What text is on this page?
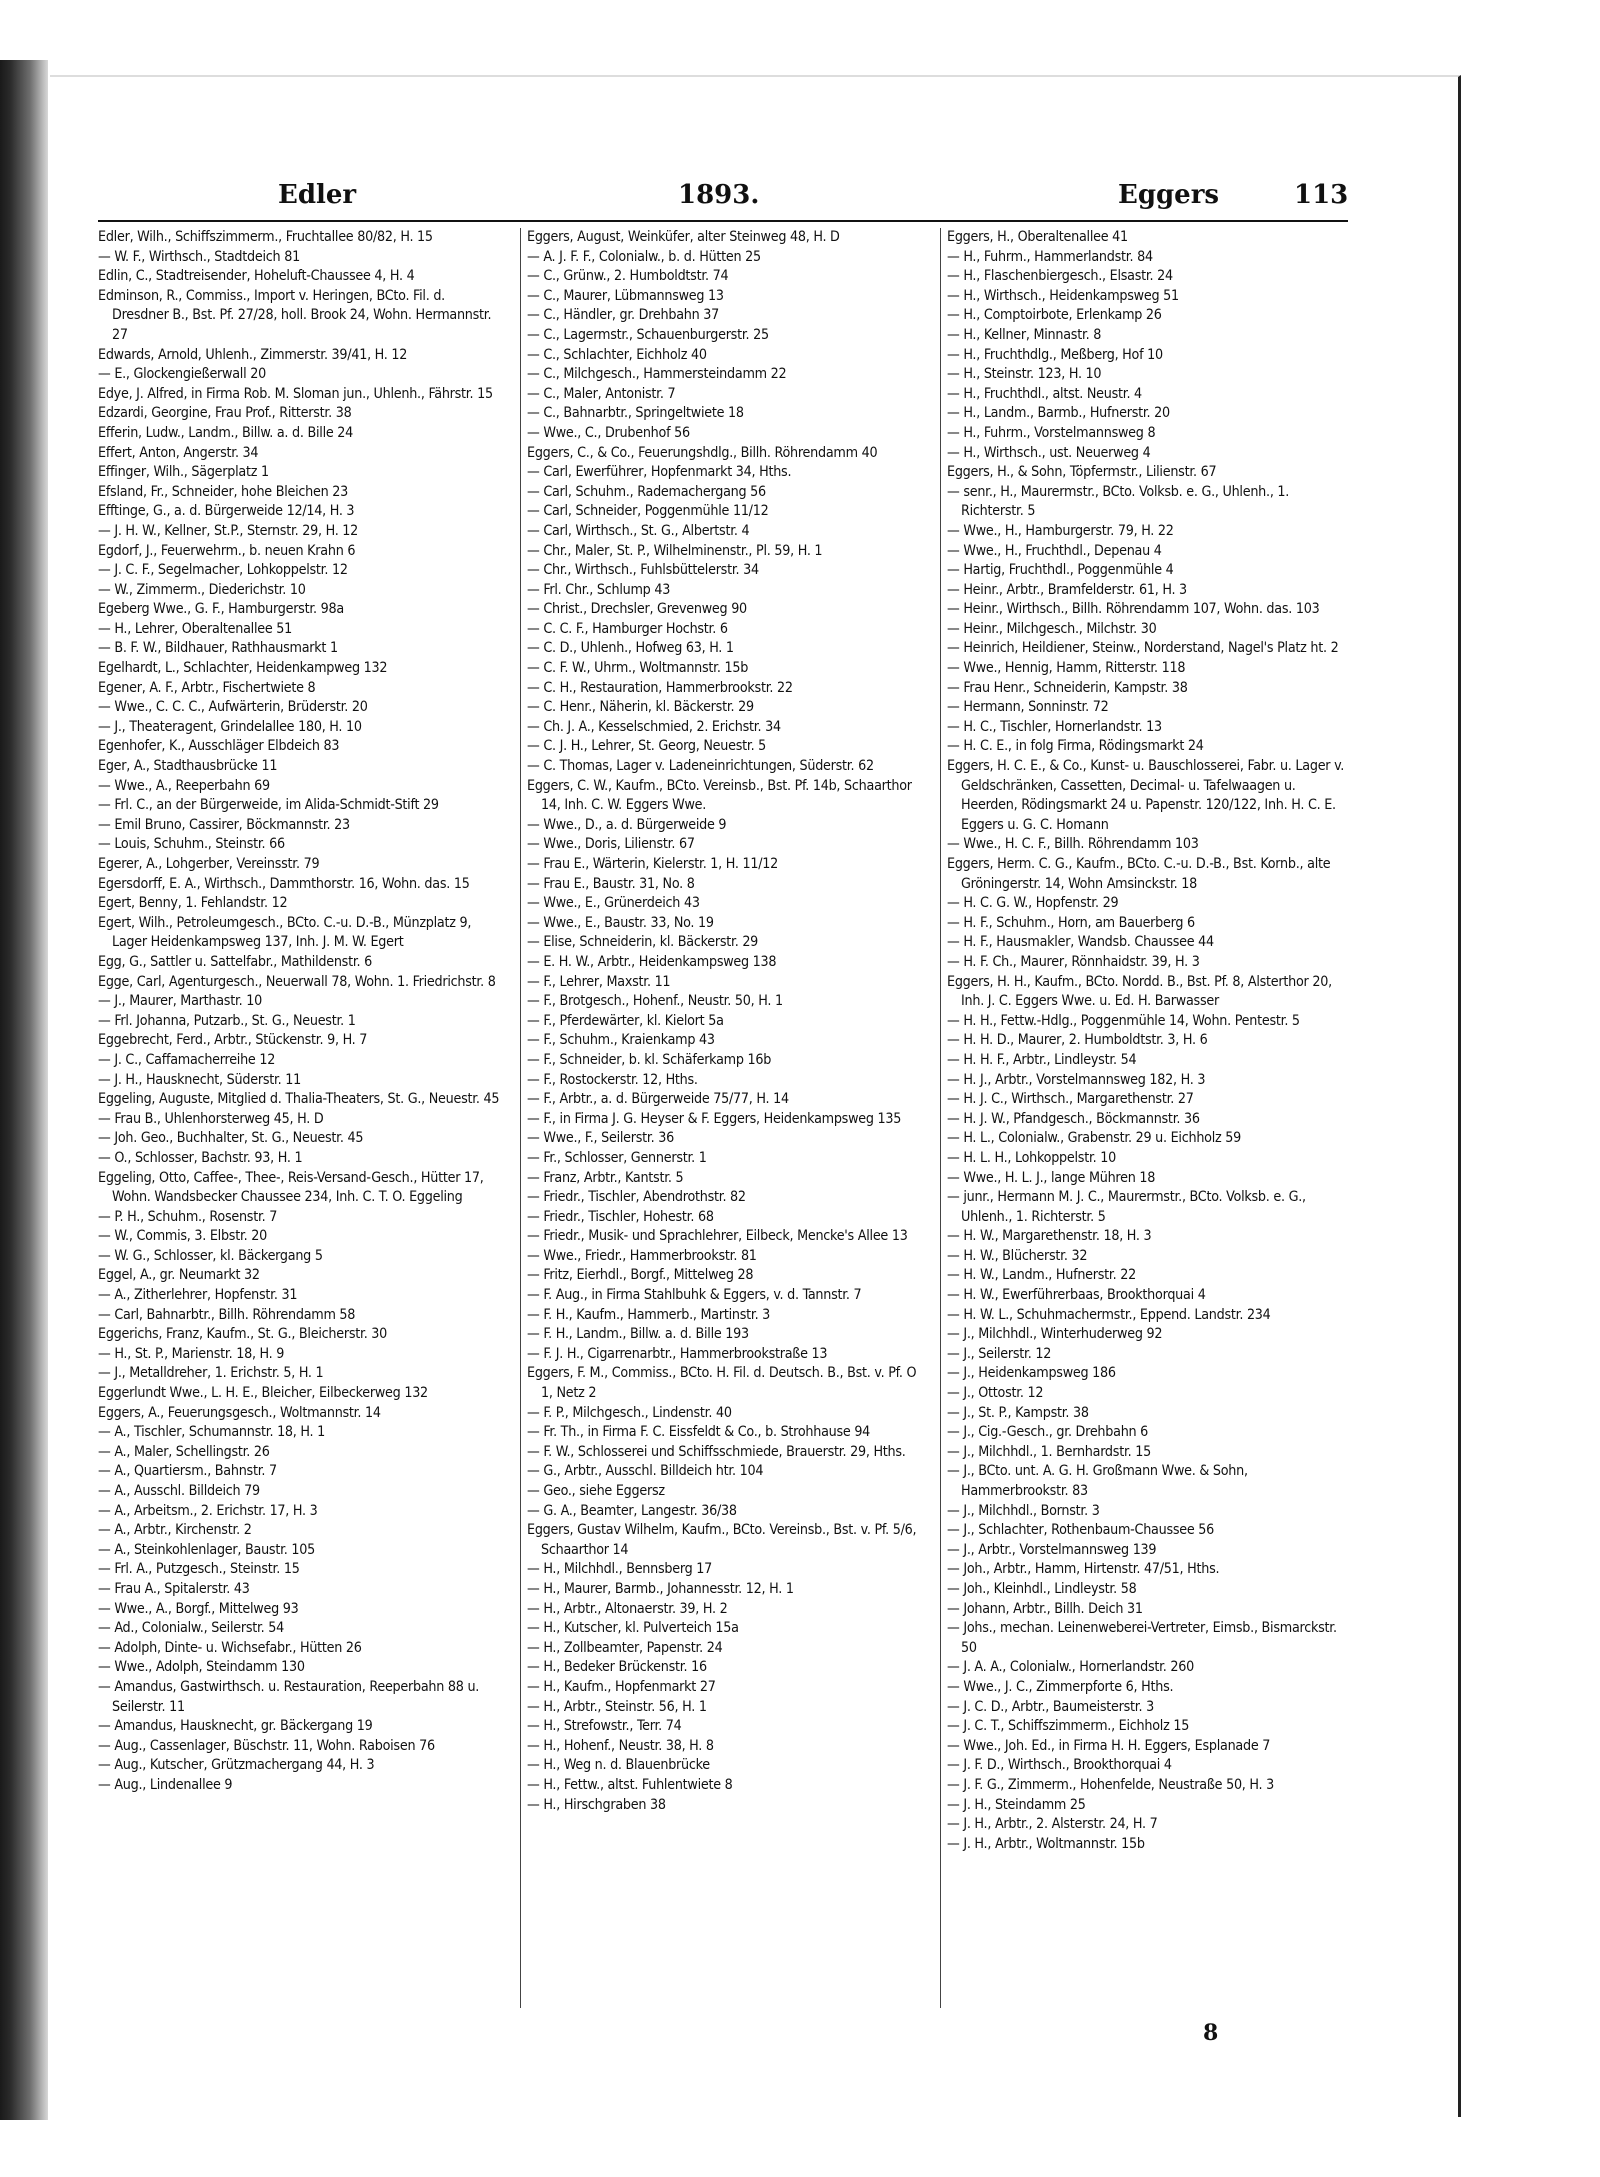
Edler	1893.	Eggers	113
Edler, Wilh., Schiffszimmerm., Fruchtallee 80/82, H. 15
— W. F., Wirthsch., Stadtdeich 81
Edlin, C., Stadtreisender, Hoheluft-Chaussee 4, H. 4
Edminson, R., Commiss., Import v. Heringen, BCto. Fil. d. Dresdner B., Bst. Pf. 27/28, holl. Brook 24, Wohn. Hermannstr. 27
Edwards, Arnold, Uhlenh., Zimmerstr. 39/41, H. 12
— E., Glockengießerwall 20
Edye, J. Alfred, in Firma Rob. M. Sloman jun., Uhlenh., Fährstr. 15
Edzardi, Georgine, Frau Prof., Ritterstr. 38
Efferin, Ludw., Landm., Billw. a. d. Bille 24
Effert, Anton, Angerstr. 34
Effinger, Wilh., Sägerplatz 1
Efsland, Fr., Schneider, hohe Bleichen 23
Efftinge, G., a. d. Bürgerweide 12/14, H. 3
— J. H. W., Kellner, St.P., Sternstr. 29, H. 12
Egdorf, J., Feuerwehrm., b. neuen Krahn 6
— J. C. F., Segelmacher, Lohkoppelstr. 12
— W., Zimmerm., Diederichstr. 10
Egeberg Wwe., G. F., Hamburgerstr. 98a
— H., Lehrer, Oberaltenallee 51
— B. F. W., Bildhauer, Rathhausmarkt 1
Egelhardt, L., Schlachter, Heidenkampweg 132
Egener, A. F., Arbtr., Fischertwiete 8
— Wwe., C. C. C., Aufwärterin, Brüderstr. 20
— J., Theateragent, Grindelallee 180, H. 10
Egenhofer, K., Ausschläger Elbdeich 83
Eger, A., Stadthausbrücke 11
— Wwe., A., Reeperbahn 69
— Frl. C., an der Bürgerweide, im Alida-Schmidt-Stift 29
— Emil Bruno, Cassirer, Böckmannstr. 23
— Louis, Schuhm., Steinstr. 66
Egerer, A., Lohgerber, Vereinsstr. 79
Egersdorff, E. A., Wirthsch., Dammthorstr. 16, Wohn. das. 15
Egert, Benny, 1. Fehlandstr. 12
Egert, Wilh., Petroleumgesch., BCto. C.-u. D.-B., Münzplatz 9, Lager Heidenkampsweg 137, Inh. J. M. W. Egert
Egg, G., Sattler u. Sattelfabr., Mathildenstr. 6
Egge, Carl, Agenturgesch., Neuerwall 78, Wohn. 1. Friedrichstr. 8
— J., Maurer, Marthastr. 10
— Frl. Johanna, Putzarb., St. G., Neuestr. 1
Eggebrecht, Ferd., Arbtr., Stückenstr. 9, H. 7
— J. C., Caffamacherreihe 12
— J. H., Hausknecht, Süderstr. 11
Eggeling, Auguste, Mitglied d. Thalia-Theaters, St. G., Neuestr. 45
— Frau B., Uhlenhorsterweg 45, H. D
— Joh. Geo., Buchhalter, St. G., Neuestr. 45
— O., Schlosser, Bachstr. 93, H. 1
Eggeling, Otto, Caffee-, Thee-, Reis-Versand-Gesch., Hütter 17, Wohn. Wandsbecker Chaussee 234, Inh. C. T. O. Eggeling
— P. H., Schuhm., Rosenstr. 7
— W., Commis, 3. Elbstr. 20
— W. G., Schlosser, kl. Bäckergang 5
Eggel, A., gr. Neumarkt 32
— A., Zitherlehrer, Hopfenstr. 31
— Carl, Bahnarbtr., Billh. Röhrendamm 58
Eggerichs, Franz, Kaufm., St. G., Bleicherstr. 30
— H., St. P., Marienstr. 18, H. 9
— J., Metalldreher, 1. Erichstr. 5, H. 1
Eggerlundt Wwe., L. H. E., Bleicher, Eilbeckerweg 132
Eggers, A., Feuerungsgesch., Woltmannstr. 14
— A., Tischler, Schumannstr. 18, H. 1
— A., Maler, Schellingstr. 26
— A., Quartiersm., Bahnstr. 7
— A., Ausschl. Billdeich 79
— A., Arbeitsm., 2. Erichstr. 17, H. 3
— A., Arbtr., Kirchenstr. 2
— A., Steinkohlenlager, Baustr. 105
— Frl. A., Putzgesch., Steinstr. 15
— Frau A., Spitalerstr. 43
— Wwe., A., Borgf., Mittelweg 93
— Ad., Colonialw., Seilerstr. 54
— Adolph, Dinte- u. Wichsefabr., Hütten 26
— Wwe., Adolph, Steindamm 130
— Amandus, Gastwirthsch. u. Restauration, Reeperbahn 88 u. Seilerstr. 11
— Amandus, Hausknecht, gr. Bäckergang 19
— Aug., Cassenlager, Büschstr. 11, Wohn. Raboisen 76
— Aug., Kutscher, Grützmachergang 44, H. 3
— Aug., Lindenallee 9
Eggers, August, Weinküfer, alter Steinweg 48, H. D
— A. J. F. F., Colonialw., b. d. Hütten 25
— C., Grünw., 2. Humboldtstr. 74
— C., Maurer, Lübmannsweg 13
— C., Händler, gr. Drehbahn 37
— C., Lagermstr., Schauenburgerstr. 25
— C., Schlachter, Eichholz 40
— C., Milchgesch., Hammersteindamm 22
— C., Maler, Antonistr. 7
— C., Bahnarbtr., Springeltwiete 18
— Wwe., C., Drubenhof 56
Eggers, C., & Co., Feuerungshdlg., Billh. Röhrendamm 40
— Carl, Ewerführer, Hopfenmarkt 34, Hths.
— Carl, Schuhm., Rademachergang 56
— Carl, Schneider, Poggenmühle 11/12
— Carl, Wirthsch., St. G., Albertstr. 4
— Chr., Maler, St. P., Wilhelminenstr., Pl. 59, H. 1
— Chr., Wirthsch., Fuhlsbüttelerstr. 34
— Frl. Chr., Schlump 43
— Christ., Drechsler, Grevenweg 90
— C. C. F., Hamburger Hochstr. 6
— C. D., Uhlenh., Hofweg 63, H. 1
— C. F. W., Uhrm., Woltmannstr. 15b
— C. H., Restauration, Hammerbrookstr. 22
— C. Henr., Näherin, kl. Bäckerstr. 29
— Ch. J. A., Kesselschmied, 2. Erichstr. 34
— C. J. H., Lehrer, St. Georg, Neuestr. 5
— C. Thomas, Lager v. Ladeneinrichtungen, Süderstr. 62
Eggers, C. W., Kaufm., BCto. Vereinsb., Bst. Pf. 14b, Schaarthor 14, Inh. C. W. Eggers Wwe.
— Wwe., D., a. d. Bürgerweide 9
— Wwe., Doris, Lilienstr. 67
— Frau E., Wärterin, Kielerstr. 1, H. 11/12
— Frau E., Baustr. 31, No. 8
— Wwe., E., Grünerdeich 43
— Wwe., E., Baustr. 33, No. 19
— Elise, Schneiderin, kl. Bäckerstr. 29
— E. H. W., Arbtr., Heidenkampsweg 138
— F., Lehrer, Maxstr. 11
— F., Brotgesch., Hohenf., Neustr. 50, H. 1
— F., Pferdewärter, kl. Kielort 5a
— F., Schuhm., Kraienkamp 43
— F., Schneider, b. kl. Schäferkamp 16b
— F., Rostockerstr. 12, Hths.
— F., Arbtr., a. d. Bürgerweide 75/77, H. 14
— F., in Firma J. G. Heyser & F. Eggers, Heidenkampsweg 135
— Wwe., F., Seilerstr. 36
— Fr., Schlosser, Gennerstr. 1
— Franz, Arbtr., Kantstr. 5
— Friedr., Tischler, Abendrothstr. 82
— Friedr., Tischler, Hohestr. 68
— Friedr., Musik- und Sprachlehrer, Eilbeck, Mencke's Allee 13
— Wwe., Friedr., Hammerbrookstr. 81
— Fritz, Eierhdl., Borgf., Mittelweg 28
— F. Aug., in Firma Stahlbuhk & Eggers, v. d. Tannstr. 7
— F. H., Kaufm., Hammerb., Martinstr. 3
— F. H., Landm., Billw. a. d. Bille 193
— F. J. H., Cigarrenarbtr., Hammerbrookstraße 13
Eggers, F. M., Commiss., BCto. H. Fil. d. Deutsch. B., Bst. v. Pf. O 1, Netz 2
— F. P., Milchgesch., Lindenstr. 40
— Fr. Th., in Firma F. C. Eissfeldt & Co., b. Strohhause 94
— F. W., Schlosserei und Schiffsschmiede, Brauerstr. 29, Hths.
— G., Arbtr., Ausschl. Billdeich htr. 104
— Geo., siehe Eggersz
— G. A., Beamter, Langestr. 36/38
Eggers, Gustav Wilhelm, Kaufm., BCto. Vereinsb., Bst. v. Pf. 5/6, Schaarthor 14
— H., Milchhdl., Bennsberg 17
— H., Maurer, Barmb., Johannesstr. 12, H. 1
— H., Arbtr., Altonaerstr. 39, H. 2
— H., Kutscher, kl. Pulverteich 15a
— H., Zollbeamter, Papenstr. 24
— H., Bedeker Brückenstr. 16
— H., Kaufm., Hopfenmarkt 27
— H., Arbtr., Steinstr. 56, H. 1
— H., Strefowstr., Terr. 74
— H., Hohenf., Neustr. 38, H. 8
— H., Weg n. d. Blauenbrücke
— H., Fettw., altst. Fuhlentwiete 8
— H., Hirschgraben 38
Eggers, H., Oberaltenallee 41
— H., Fuhrm., Hammerlandstr. 84
— H., Flaschenbiergesch., Elsastr. 24
— H., Wirthsch., Heidenkampsweg 51
— H., Comptoirbote, Erlenkamp 26
— H., Kellner, Minnastr. 8
— H., Fruchthdlg., Meßberg, Hof 10
— H., Steinstr. 123, H. 10
— H., Fruchthdl., altst. Neustr. 4
— H., Landm., Barmb., Hufnerstr. 20
— H., Fuhrm., Vorstelmannsweg 8
— H., Wirthsch., ust. Neuerweg 4
Eggers, H., & Sohn, Töpfermstr., Lilienstr. 67
— senr., H., Maurermstr., BCto. Volksb. e. G., Uhlenh., 1. Richterstr. 5
— Wwe., H., Hamburgerstr. 79, H. 22
— Wwe., H., Fruchthdl., Depenau 4
— Hartig, Fruchthdl., Poggenmühle 4
— Heinr., Arbtr., Bramfelderstr. 61, H. 3
— Heinr., Wirthsch., Billh. Röhrendamm 107, Wohn. das. 103
— Heinr., Milchgesch., Milchstr. 30
— Heinrich, Heildiener, Steinw., Norderstand, Nagel's Platz ht. 2
— Wwe., Hennig, Hamm, Ritterstr. 118
— Frau Henr., Schneiderin, Kampstr. 38
— Hermann, Sonninstr. 72
— H. C., Tischler, Hornerlandstr. 13
— H. C. E., in folg Firma, Rödingsmarkt 24
Eggers, H. C. E., & Co., Kunst- u. Bauschlosserei, Fabr. u. Lager v. Geldschränken, Cassetten, Decimal- u. Tafelwaagen u. Heerden, Rödingsmarkt 24 u. Papenstr. 120/122, Inh. H. C. E. Eggers u. G. C. Homann
— Wwe., H. C. F., Billh. Röhrendamm 103
Eggers, Herm. C. G., Kaufm., BCto. C.-u. D.-B., Bst. Kornb., alte Gröningerstr. 14, Wohn Amsinckstr. 18
— H. C. G. W., Hopfenstr. 29
— H. F., Schuhm., Horn, am Bauerberg 6
— H. F., Hausmakler, Wandsb. Chaussee 44
— H. F. Ch., Maurer, Rönnhaidstr. 39, H. 3
Eggers, H. H., Kaufm., BCto. Nordd. B., Bst. Pf. 8, Alsterthor 20, Inh. J. C. Eggers Wwe. u. Ed. H. Barwasser
— H. H., Fettw.-Hdlg., Poggenmühle 14, Wohn. Pentestr. 5
— H. H. D., Maurer, 2. Humboldtstr. 3, H. 6
— H. H. F., Arbtr., Lindleystr. 54
— H. J., Arbtr., Vorstelmannsweg 182, H. 3
— H. J. C., Wirthsch., Margarethenstr. 27
— H. J. W., Pfandgesch., Böckmannstr. 36
— H. L., Colonialw., Grabenstr. 29 u. Eichholz 59
— H. L. H., Lohkoppelstr. 10
— Wwe., H. L. J., lange Mühren 18
— junr., Hermann M. J. C., Maurermstr., BCto. Volksb. e. G., Uhlenh., 1. Richterstr. 5
— H. W., Margarethenstr. 18, H. 3
— H. W., Blücherstr. 32
— H. W., Landm., Hufnerstr. 22
— H. W., Ewerführerbaas, Brookthorquai 4
— H. W. L., Schuhmachermstr., Eppend. Landstr. 234
— J., Milchhdl., Winterhuderweg 92
— J., Seilerstr. 12
— J., Heidenkampsweg 186
— J., Ottostr. 12
— J., St. P., Kampstr. 38
— J., Cig.-Gesch., gr. Drehbahn 6
— J., Milchhdl., 1. Bernhardstr. 15
— J., BCto. unt. A. G. H. Großmann Wwe. & Sohn, Hammerbrookstr. 83
— J., Milchhdl., Bornstr. 3
— J., Schlachter, Rothenbaum-Chaussee 56
— J., Arbtr., Vorstelmannsweg 139
— Joh., Arbtr., Hamm, Hirtenstr. 47/51, Hths.
— Joh., Kleinhdl., Lindleystr. 58
— Johann, Arbtr., Billh. Deich 31
— Johs., mechan. Leinenweberei-Vertreter, Eimsb., Bismarckstr. 50
— J. A. A., Colonialw., Hornerlandstr. 260
— Wwe., J. C., Zimmerpforte 6, Hths.
— J. C. D., Arbtr., Baumeisterstr. 3
— J. C. T., Schiffszimmerm., Eichholz 15
— Wwe., Joh. Ed., in Firma H. H. Eggers, Esplanade 7
— J. F. D., Wirthsch., Brookthorquai 4
— J. F. G., Zimmerm., Hohenfelde, Neustraße 50, H. 3
— J. H., Steindamm 25
— J. H., Arbtr., 2. Alsterstr. 24, H. 7
— J. H., Arbtr., Woltmannstr. 15b
8
